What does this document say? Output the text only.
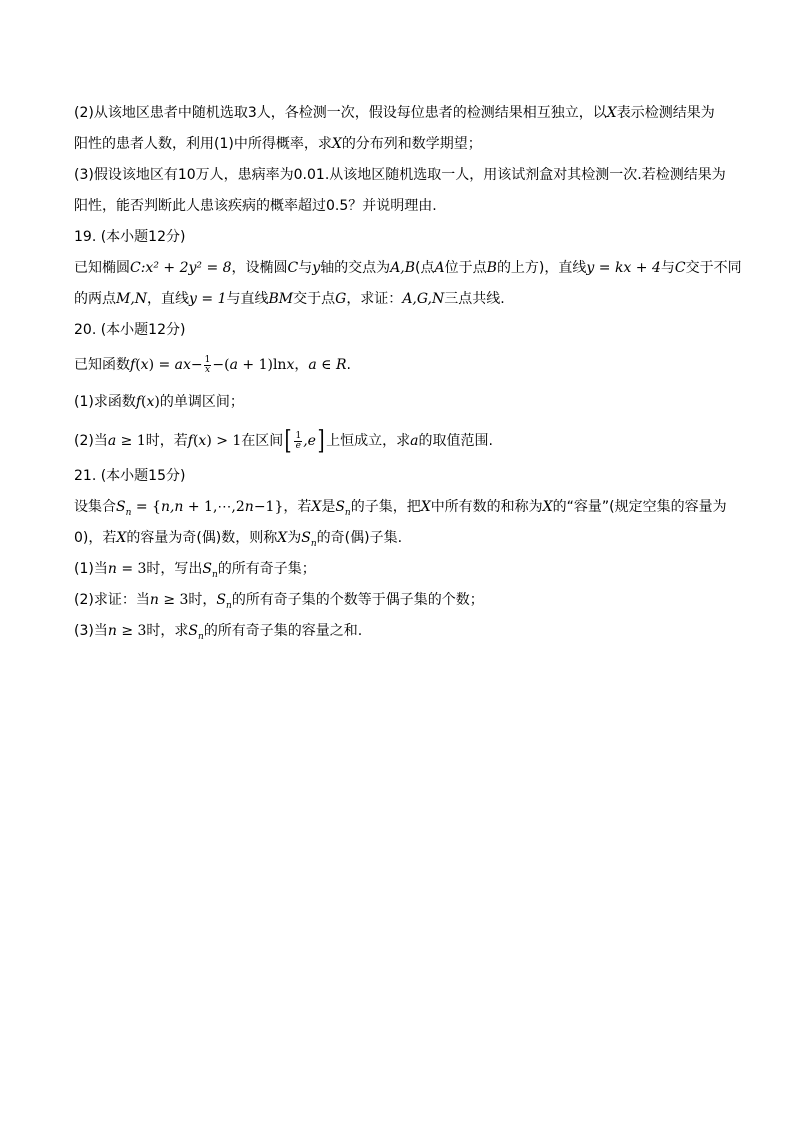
(2)从该地区患者中随机选取3人，各检测一次，假设每位患者的检测结果相互独立，以X表示检测结果为
阳性的患者人数，利用(1)中所得概率，求X的分布列和数学期望；
(3)假设该地区有10万人，患病率为0.01.从该地区随机选取一人，用该试剂盒对其检测一次.若检测结果为
阳性，能否判断此人患该疾病的概率超过0.5？并说明理由.
19. (本小题12分)
已知椭圆C:x² + 2y² = 8，设椭圆C与y轴的交点为A,B(点A位于点B的上方)，直线y = kx + 4与C交于不同
的两点M,N，直线y = 1与直线BM交于点G，求证：A,G,N三点共线.
20. (本小题12分)
已知函数$f(x) = ax- \frac{1}{x} -(a + 1)\ln x$，a ∈ R.
(1)求函数f(x)的单调区间；
(2)当a ≥ 1时，若f(x) > 1在区间[ $\frac{1}{e} ,e$] 上恒成立，求a的取值范围.
21. (本小题15分)
设集合$S_n = \{n,n$ + 1,⋯,2n−1}，若X是$S_n$的子集，把X中所有数的和称为X的“容量”(规定空集的容量为
0)，若X的容量为奇(偶)数，则称X为$S_n$的奇(偶)子集.
(1)当n = 3时，写出$S_n$的所有奇子集；
(2)求证：当n ≥ 3时，$S_n$的所有奇子集的个数等于偶子集的个数；
(3)当n ≥ 3时，求$S_n$的所有奇子集的容量之和.
